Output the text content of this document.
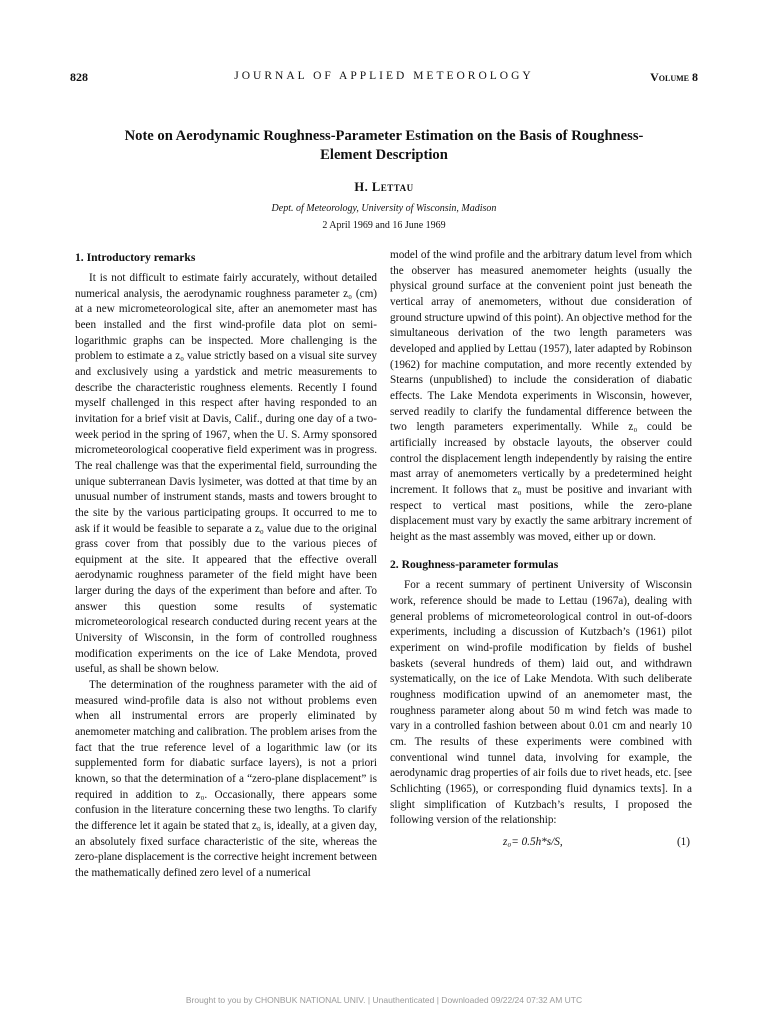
828	JOURNAL OF APPLIED METEOROLOGY	Volume 8
Note on Aerodynamic Roughness-Parameter Estimation on the Basis of Roughness-Element Description
H. Lettau
Dept. of Meteorology, University of Wisconsin, Madison
2 April 1969 and 16 June 1969
1. Introductory remarks

It is not difficult to estimate fairly accurately, without detailed numerical analysis, the aerodynamic roughness parameter z₀ (cm) at a new micrometeorological site, after an anemometer mast has been installed and the first wind-profile data plot on semi-logarithmic graphs can be inspected. More challenging is the problem to estimate a z₀ value strictly based on a visual site survey and exclusively using a yardstick and metric measurements to describe the characteristic roughness elements. Recently I found myself challenged in this respect after having responded to an invitation for a brief visit at Davis, Calif., during one day of a two-week period in the spring of 1967, when the U. S. Army sponsored micrometeorological cooperative field experiment was in progress. The real challenge was that the experimental field, surrounding the unique subterranean Davis lysimeter, was dotted at that time by an unusual number of instrument stands, masts and towers brought to the site by the various participating groups. It occurred to me to ask if it would be feasible to separate a z₀ value due to the original grass cover from that possibly due to the various pieces of equipment at the site. It appeared that the effective overall aerodynamic roughness parameter of the field might have been larger during the days of the experiment than before and after. To answer this question some results of systematic micrometeorological research conducted during recent years at the University of Wisconsin, in the form of controlled roughness modification experiments on the ice of Lake Mendota, proved useful, as shall be shown below.

The determination of the roughness parameter with the aid of measured wind-profile data is also not without problems even when all instrumental errors are properly eliminated by anemometer matching and calibration. The problem arises from the fact that the true reference level of a logarithmic law (or its supplemented form for diabatic surface layers), is not a priori known, so that the determination of a “zero-plane displacement” is required in addition to z₀. Occasionally, there appears some confusion in the literature concerning these two lengths. To clarify the difference let it again be stated that z₀ is, ideally, at a given day, an absolutely fixed surface characteristic of the site, whereas the zero-plane displacement is the corrective height increment between the mathematically defined zero level of a numerical

model of the wind profile and the arbitrary datum level from which the observer has measured anemometer heights (usually the physical ground surface at the convenient point just beneath the vertical array of anemometers, without due consideration of ground structure upwind of this point). An objective method for the simultaneous derivation of the two length parameters was developed and applied by Lettau (1957), later adapted by Robinson (1962) for machine computation, and more recently extended by Stearns (unpublished) to include the consideration of diabatic effects. The Lake Mendota experiments in Wisconsin, however, served readily to clarify the fundamental difference between the two length parameters experimentally. While z₀ could be artificially increased by obstacle layouts, the observer could control the displacement length independently by raising the entire mast array of anemometers vertically by a predetermined height increment. It follows that z₀ must be positive and invariant with respect to vertical mast positions, while the zero-plane displacement must vary by exactly the same arbitrary increment of height as the mast assembly was moved, either up or down.

2. Roughness-parameter formulas

For a recent summary of pertinent University of Wisconsin work, reference should be made to Lettau (1967a), dealing with general problems of micrometeorological control in out-of-doors experiments, including a discussion of Kutzbach’s (1961) pilot experiment on wind-profile modification by fields of bushel baskets (several hundreds of them) laid out, and withdrawn systematically, on the ice of Lake Mendota. With such deliberate roughness modification upwind of an anemometer mast, the roughness parameter along about 50 m wind fetch was made to vary in a controlled fashion between about 0.01 cm and nearly 10 cm. The results of these experiments were combined with conventional wind tunnel data, involving for example, the aerodynamic drag properties of air foils due to rivet heads, etc. [see Schlichting (1965), or corresponding fluid dynamics texts]. In a slight simplification of Kutzbach’s results, I proposed the following version of the relationship:

z₀= 0.5h*s/S,	(1)
Brought to you by CHONBUK NATIONAL UNIV. | Unauthenticated | Downloaded 09/22/24 07:32 AM UTC
